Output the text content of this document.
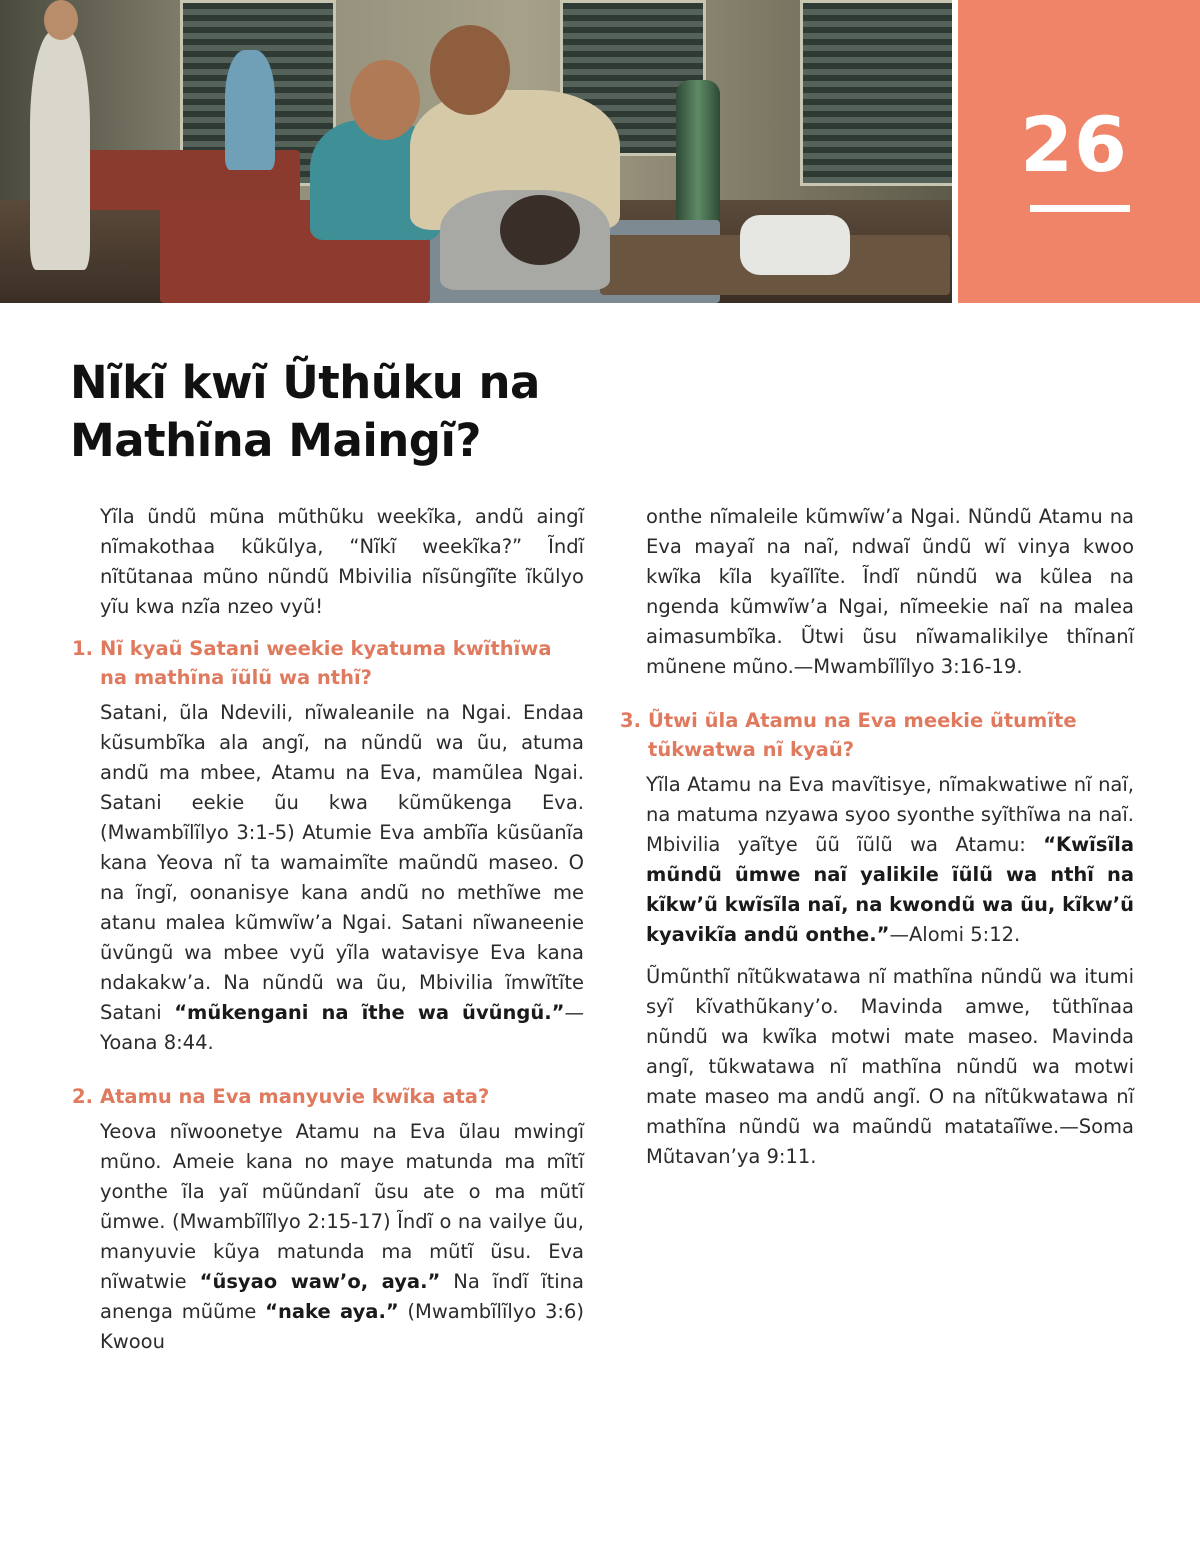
26
Nĩkĩ kwĩ Ũthũku na
Mathĩna Maingĩ?

Yĩla ũndũ mũna mũthũku weekĩka, andũ aingĩ nĩmakothaa kũkũlya, “Nĩkĩ weekĩka?” Ĩndĩ nĩtũtanaa mũno nũndũ Mbivilia nĩsũngĩĩte ĩkũlyo yĩu kwa nzĩa nzeo vyũ!

1. Nĩ kyaũ Satani weekie kyatuma kwĩthĩwa
na mathĩna ĩũlũ wa nthĩ?

Satani, ũla Ndevili, nĩwaleanile na Ngai. Endaa kũsumbĩka ala angĩ, na nũndũ wa ũu, atuma andũ ma mbee, Atamu na Eva, mamũlea Ngai. Satani eekie ũu kwa kũmũkenga Eva. (Mwambĩlĩlyo 3:1-5) Atumie Eva ambĩĩa kũsũanĩa kana Yeova nĩ ta wamaimĩte maũndũ maseo. O na ĩngĩ, oonanisye kana andũ no methĩwe me atanu malea kũmwĩw’a Ngai. Satani nĩwaneenie ũvũngũ wa mbee vyũ yĩla watavisye Eva kana ndakakw’a. Na nũndũ wa ũu, Mbivilia ĩmwĩtĩte Satani “mũkengani na ĩthe wa ũvũngũ.”—Yoana 8:44.

2. Atamu na Eva manyuvie kwĩka ata?

Yeova nĩwoonetye Atamu na Eva ũlau mwingĩ mũno. Ameie kana no maye matunda ma mĩtĩ yonthe ĩla yaĩ mũũndanĩ ũsu ate o ma mũtĩ ũmwe. (Mwambĩlĩlyo 2:15-17) Ĩndĩ o na vailye ũu, manyuvie kũya matunda ma mũtĩ ũsu. Eva nĩwatwie “ũsyao waw’o, aya.” Na ĩndĩ ĩtina anenga mũũme “nake aya.” (Mwambĩlĩlyo 3:6) Kwoou

onthe nĩmaleile kũmwĩw’a Ngai. Nũndũ Atamu na Eva mayaĩ na naĩ, ndwaĩ ũndũ wĩ vinya kwoo kwĩka kĩla kyaĩlĩte. Ĩndĩ nũndũ wa kũlea na ngenda kũmwĩw’a Ngai, nĩmeekie naĩ na malea aimasumbĩka. Ũtwi ũsu nĩwamalikilye thĩnanĩ mũnene mũno.—Mwambĩlĩlyo 3:16-19.

3. Ũtwi ũla Atamu na Eva meekie ũtumĩte
tũkwatwa nĩ kyaũ?

Yĩla Atamu na Eva mavĩtisye, nĩmakwatiwe nĩ naĩ, na matuma nzyawa syoo syonthe syĩthĩwa na naĩ. Mbivilia yaĩtye ũũ ĩũlũ wa Atamu: “Kwĩsĩla mũndũ ũmwe naĩ yalikile ĩũlũ wa nthĩ na kĩkw’ũ kwĩsĩla naĩ, na kwondũ wa ũu, kĩkw’ũ kyavikĩa andũ onthe.”—Alomi 5:12.

Ũmũnthĩ nĩtũkwatawa nĩ mathĩna nũndũ wa itumi syĩ kĩvathũkany’o. Mavinda amwe, tũthĩnaa nũndũ wa kwĩka motwi mate maseo. Mavinda angĩ, tũkwatawa nĩ mathĩna nũndũ wa motwi mate maseo ma andũ angĩ. O na nĩtũkwatawa nĩ mathĩna nũndũ wa maũndũ matataĩĩwe.—Soma Mũtavan’ya 9:11.
